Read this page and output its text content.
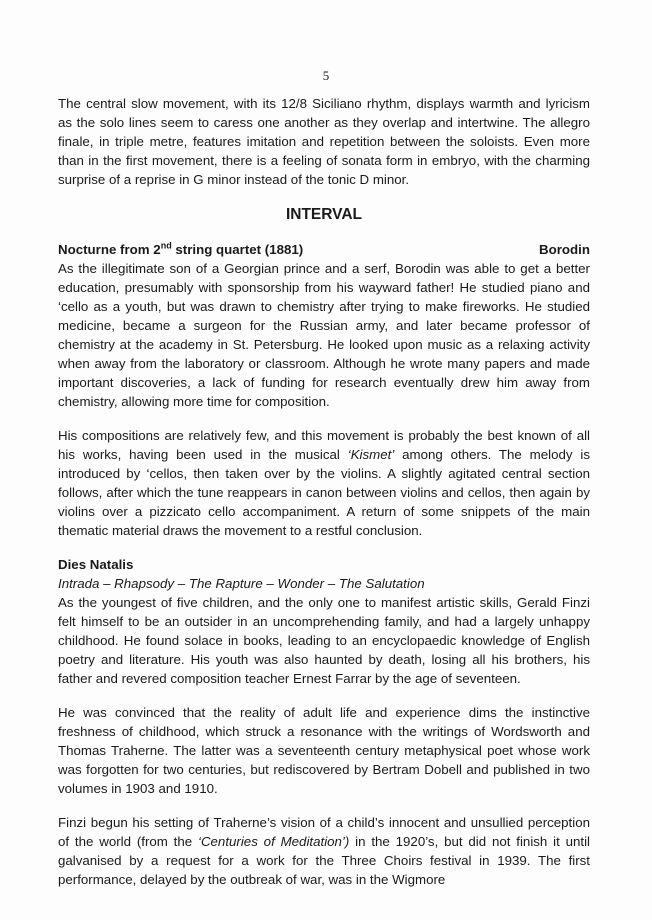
5

The central slow movement, with its 12/8 Siciliano rhythm, displays warmth and lyricism as the solo lines seem to caress one another as they overlap and intertwine. The allegro finale, in triple metre, features imitation and repetition between the soloists. Even more than in the first movement, there is a feeling of sonata form in embryo, with the charming surprise of a reprise in G minor instead of the tonic D minor.

INTERVAL
Nocturne from 2nd string quartet (1881)	Borodin

As the illegitimate son of a Georgian prince and a serf, Borodin was able to get a better education, presumably with sponsorship from his wayward father! He studied piano and ‘cello as a youth, but was drawn to chemistry after trying to make fireworks. He studied medicine, became a surgeon for the Russian army, and later became professor of chemistry at the academy in St. Petersburg. He looked upon music as a relaxing activity when away from the laboratory or classroom. Although he wrote many papers and made important discoveries, a lack of funding for research eventually drew him away from chemistry, allowing more time for composition.

His compositions are relatively few, and this movement is probably the best known of all his works, having been used in the musical ‘Kismet’ among others. The melody is introduced by ‘cellos, then taken over by the violins. A slightly agitated central section follows, after which the tune reappears in canon between violins and cellos, then again by violins over a pizzicato cello accompaniment. A return of some snippets of the main thematic material draws the movement to a restful conclusion.

Dies Natalis
Intrada – Rhapsody – The Rapture – Wonder – The Salutation

As the youngest of five children, and the only one to manifest artistic skills, Gerald Finzi felt himself to be an outsider in an uncomprehending family, and had a largely unhappy childhood. He found solace in books, leading to an encyclopaedic knowledge of English poetry and literature. His youth was also haunted by death, losing all his brothers, his father and revered composition teacher Ernest Farrar by the age of seventeen.

He was convinced that the reality of adult life and experience dims the instinctive freshness of childhood, which struck a resonance with the writings of Wordsworth and Thomas Traherne. The latter was a seventeenth century metaphysical poet whose work was forgotten for two centuries, but rediscovered by Bertram Dobell and published in two volumes in 1903 and 1910.

Finzi begun his setting of Traherne’s vision of a child’s innocent and unsullied perception of the world (from the ‘Centuries of Meditation’) in the 1920’s, but did not finish it until galvanised by a request for a work for the Three Choirs festival in 1939. The first performance, delayed by the outbreak of war, was in the Wigmore
